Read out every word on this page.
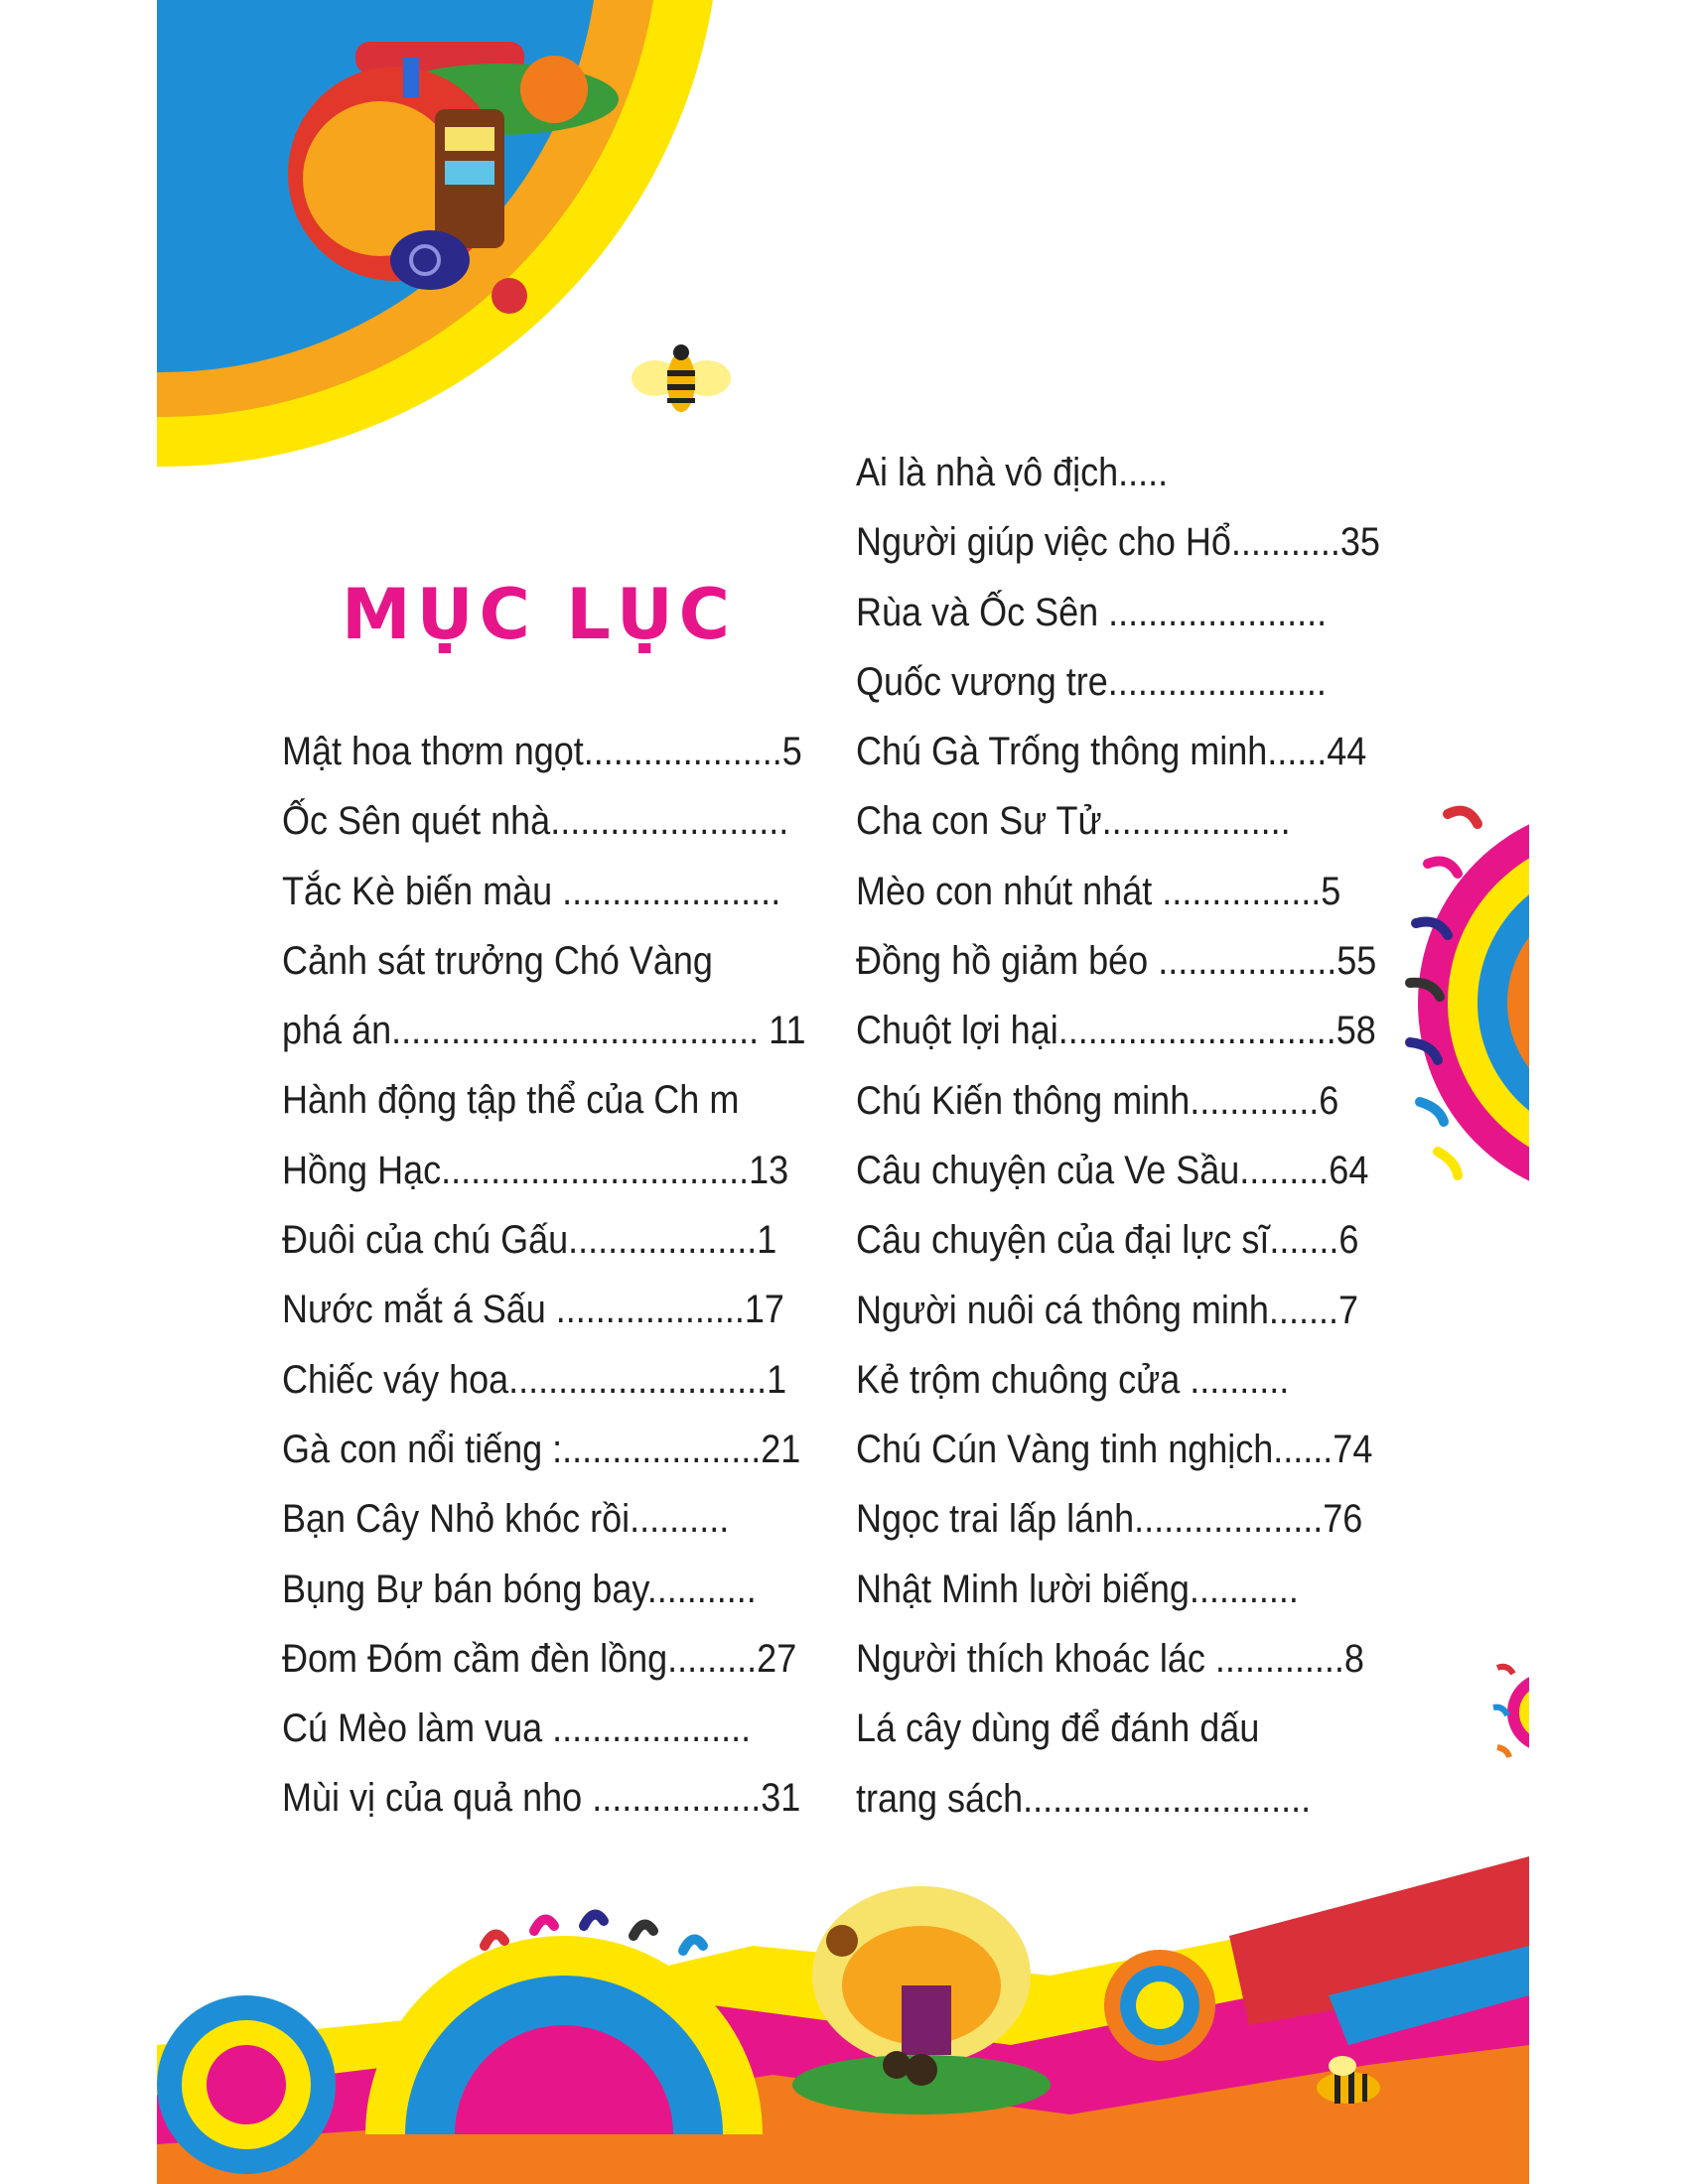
MỤC LỤC
Mật hoa thơm ngọt....................5
Ốc Sên quét nhà........................
Tắc Kè biến màu ......................
Cảnh sát trưởng Chó Vàng
phá án..................................... 11
Hành động tập thể của Ch m
Hồng Hạc...............................13
Đuôi của chú Gấu...................1
Nước mắt á Sấu ...................17
Chiếc váy hoa..........................1
Gà con nổi tiếng :....................21
Bạn Cây Nhỏ khóc rồi..........
Bụng Bự bán bóng bay...........
Đom Đóm cầm đèn lồng.........27
Cú Mèo làm vua ....................
Mùi vị của quả nho .................31
Ai là nhà vô địch.....
Người giúp việc cho Hổ...........35
Rùa và Ốc Sên ......................
Quốc vương tre......................
Chú Gà Trống thông minh......44
Cha con Sư Tử...................
Mèo con nhút nhát ................5
Đồng hồ giảm béo ..................55
Chuột lợi hại............................58
Chú Kiến thông minh.............6
Câu chuyện của Ve Sầu.........64
Câu chuyện của đại lực sĩ.......6
Người nuôi cá thông minh.......7
Kẻ trộm chuông cửa ..........
Chú Cún Vàng tinh nghịch......74
Ngọc trai lấp lánh...................76
Nhật Minh lười biếng...........
Người thích khoác lác .............8
Lá cây dùng để đánh dấu
trang sách.............................
